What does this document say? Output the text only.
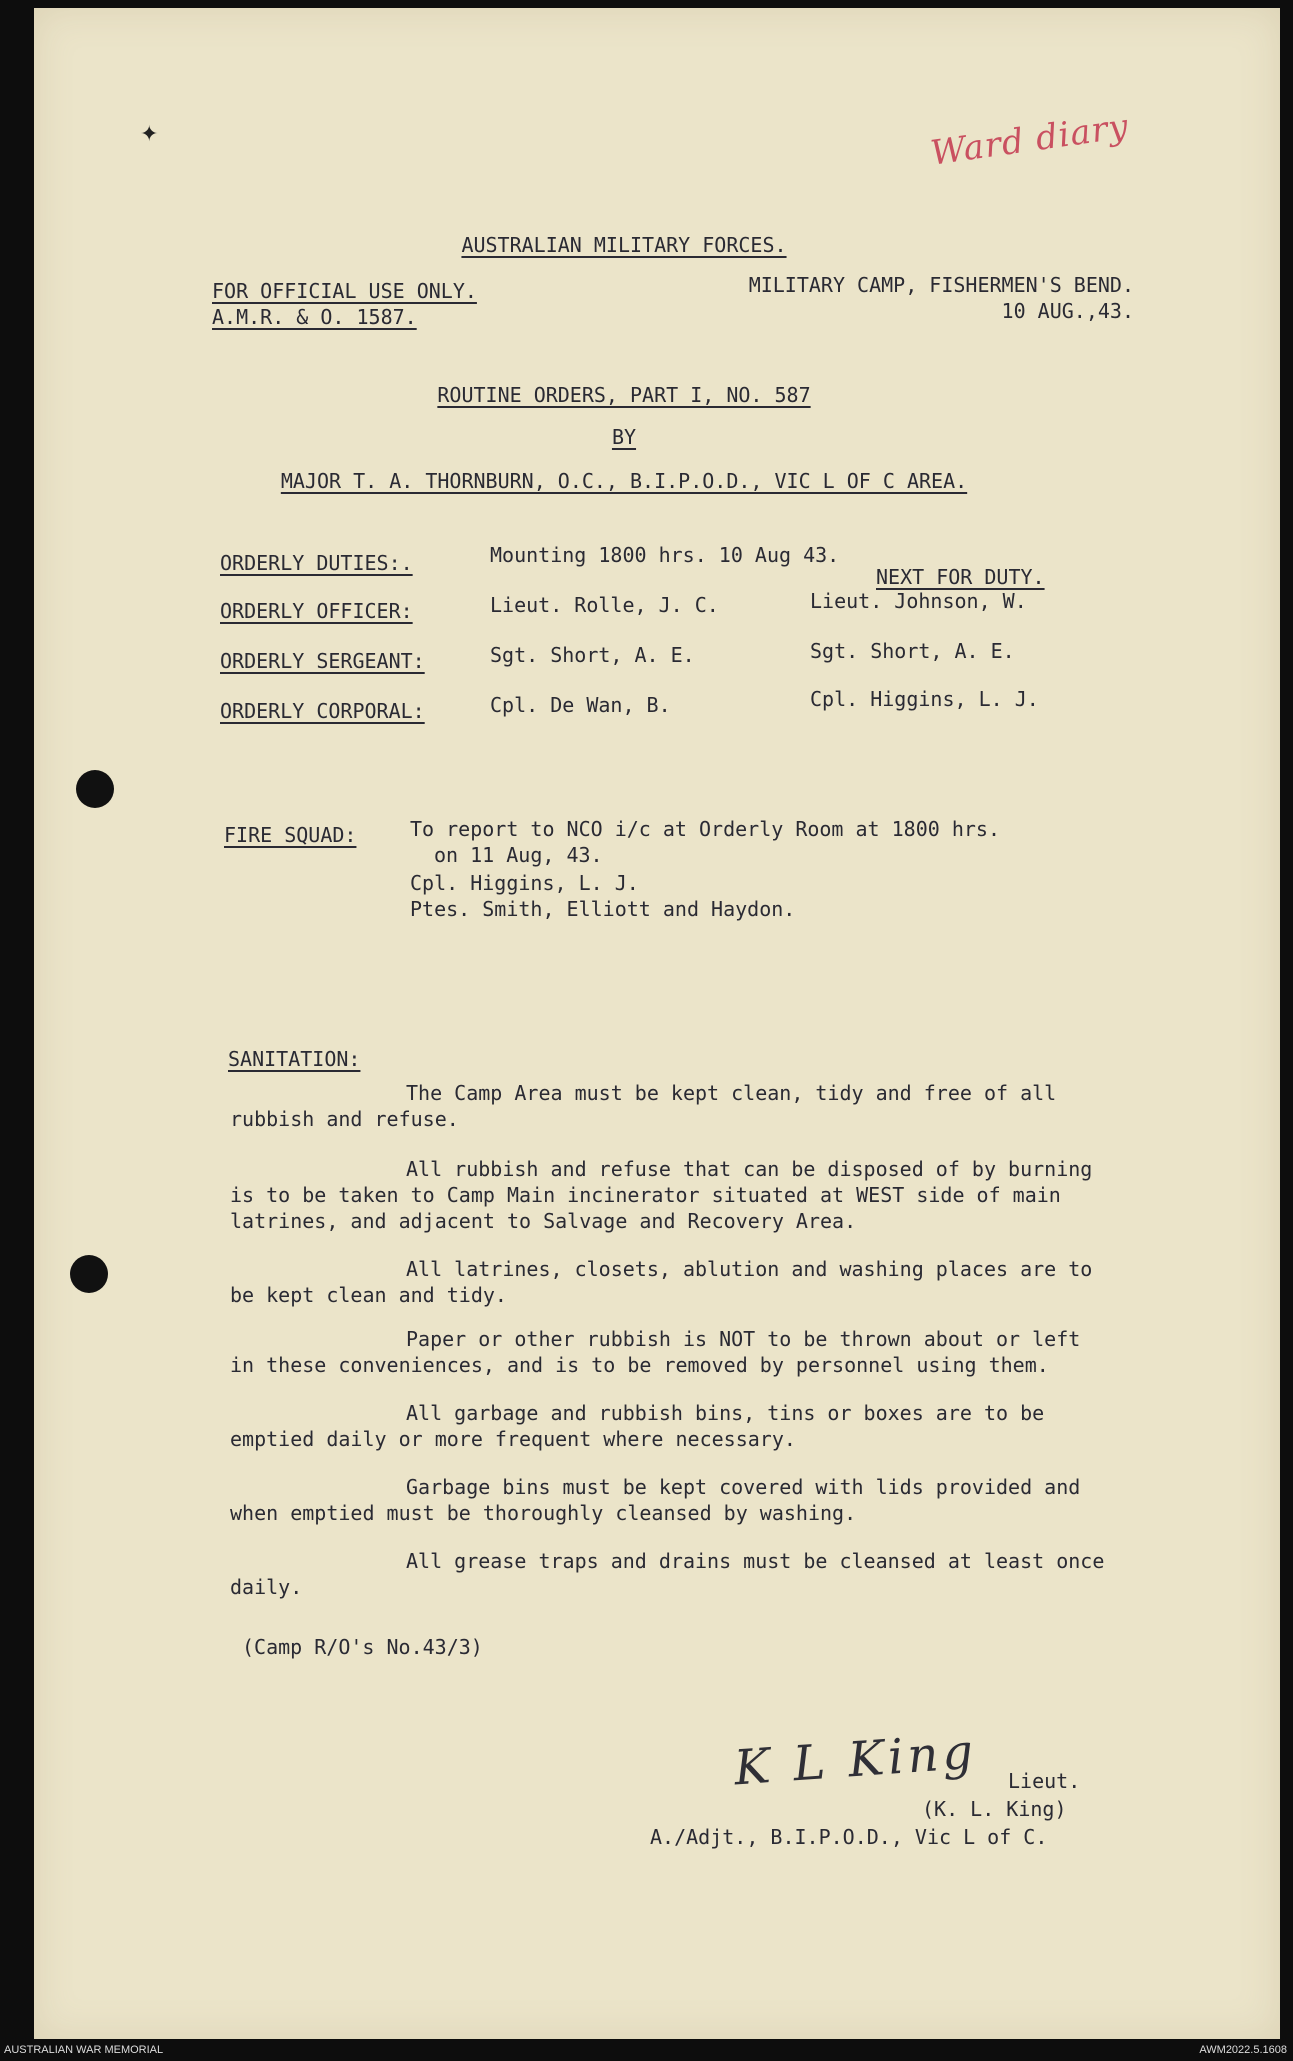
✦	Ward diary
AUSTRALIAN MILITARY FORCES.
FOR OFFICIAL USE ONLY.
A.M.R. & O. 1587.
MILITARY CAMP, FISHERMEN'S BEND.
10 AUG.,43.
ROUTINE ORDERS, PART I, NO. 587
BY
MAJOR T. A. THORNBURN, O.C., B.I.P.O.D., VIC L OF C AREA.
ORDERLY DUTIES:.	Mounting 1800 hrs. 10 Aug 43.
NEXT FOR DUTY.
ORDERLY OFFICER:	Lieut. Rolle, J. C.	Lieut. Johnson, W.
ORDERLY SERGEANT:	Sgt. Short, A. E.	Sgt. Short, A. E.
ORDERLY CORPORAL:	Cpl. De Wan, B.	Cpl. Higgins, L. J.
FIRE SQUAD:	To report to NCO i/c at Orderly Room at 1800 hrs.
on 11 Aug, 43.
Cpl. Higgins, L. J.
Ptes. Smith, Elliott and Haydon.
SANITATION:

The Camp Area must be kept clean, tidy and free of all rubbish and refuse.

All rubbish and refuse that can be disposed of by burning is to be taken to Camp Main incinerator situated at WEST side of main latrines, and adjacent to Salvage and Recovery Area.

All latrines, closets, ablution and washing places are to be kept clean and tidy.

Paper or other rubbish is NOT to be thrown about or left in these conveniences, and is to be removed by personnel using them.

All garbage and rubbish bins, tins or boxes are to be emptied daily or more frequent where necessary.

Garbage bins must be kept covered with lids provided and when emptied must be thoroughly cleansed by washing.

All grease traps and drains must be cleansed at least once daily.

(Camp R/O's No.43/3)
K L King Lieut.
(K. L. King)
A./Adjt., B.I.P.O.D., Vic L of C.
AUSTRALIAN WAR MEMORIAL	AWM2022.5.1608
